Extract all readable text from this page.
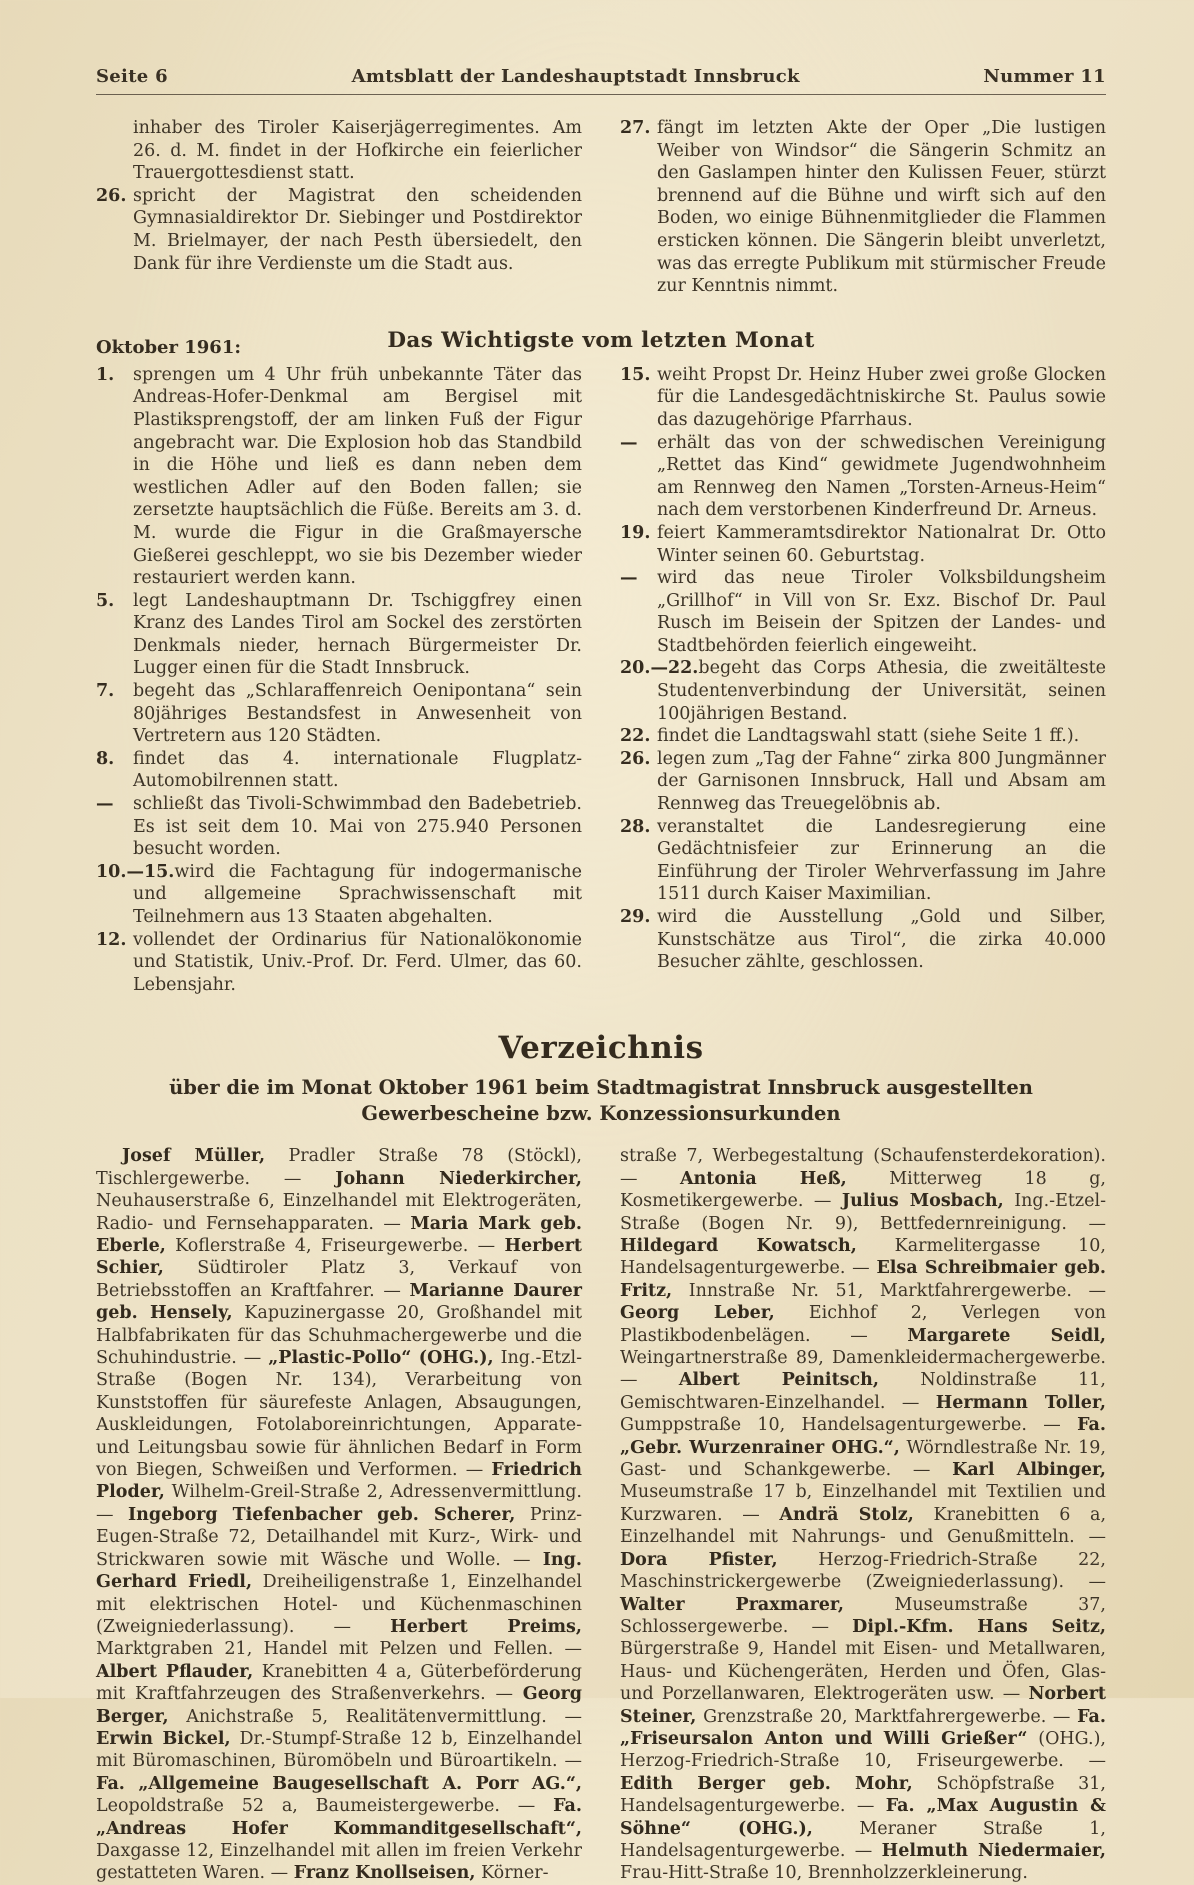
Seite 6	Amtsblatt der Landeshauptstadt Innsbruck	Nummer 11

inhaber des Tiroler Kaiserjägerregimentes. Am 26. d. M. findet in der Hofkirche ein feierlicher Trauergottesdienst statt.

26. spricht der Magistrat den scheidenden Gymnasialdirektor Dr. Siebinger und Postdirektor M. Brielmayer, der nach Pesth übersiedelt, den Dank für ihre Verdienste um die Stadt aus.

27. fängt im letzten Akte der Oper „Die lustigen Weiber von Windsor“ die Sängerin Schmitz an den Gaslampen hinter den Kulissen Feuer, stürzt brennend auf die Bühne und wirft sich auf den Boden, wo einige Bühnenmitglieder die Flammen ersticken können. Die Sängerin bleibt unverletzt, was das erregte Publikum mit stürmischer Freude zur Kenntnis nimmt.

Oktober 1961:	Das Wichtigste vom letzten Monat

1. sprengen um 4 Uhr früh unbekannte Täter das Andreas-Hofer-Denkmal am Bergisel mit Plastiksprengstoff, der am linken Fuß der Figur angebracht war. Die Explosion hob das Standbild in die Höhe und ließ es dann neben dem westlichen Adler auf den Boden fallen; sie zersetzte hauptsächlich die Füße. Bereits am 3. d. M. wurde die Figur in die Graßmayersche Gießerei geschleppt, wo sie bis Dezember wieder restauriert werden kann.

5. legt Landeshauptmann Dr. Tschiggfrey einen Kranz des Landes Tirol am Sockel des zerstörten Denkmals nieder, hernach Bürgermeister Dr. Lugger einen für die Stadt Innsbruck.

7. begeht das „Schlaraffenreich Oenipontana“ sein 80jähriges Bestandsfest in Anwesenheit von Vertretern aus 120 Städten.

8. findet das 4. internationale Flugplatz-Automobilrennen statt.

— schließt das Tivoli-Schwimmbad den Badebetrieb. Es ist seit dem 10. Mai von 275.940 Personen besucht worden.

10.—15.wird die Fachtagung für indogermanische und allgemeine Sprachwissenschaft mit Teilnehmern aus 13 Staaten abgehalten.

12. vollendet der Ordinarius für Nationalökonomie und Statistik, Univ.-Prof. Dr. Ferd. Ulmer, das 60. Lebensjahr.

15. weiht Propst Dr. Heinz Huber zwei große Glocken für die Landesgedächtniskirche St. Paulus sowie das dazugehörige Pfarrhaus.

— erhält das von der schwedischen Vereinigung „Rettet das Kind“ gewidmete Jugendwohnheim am Rennweg den Namen „Torsten-Arneus-Heim“ nach dem verstorbenen Kinderfreund Dr. Arneus.

19. feiert Kammeramtsdirektor Nationalrat Dr. Otto Winter seinen 60. Geburtstag.

— wird das neue Tiroler Volksbildungsheim „Grillhof“ in Vill von Sr. Exz. Bischof Dr. Paul Rusch im Beisein der Spitzen der Landes- und Stadtbehörden feierlich eingeweiht.

20.—22.begeht das Corps Athesia, die zweitälteste Studentenverbindung der Universität, seinen 100jährigen Bestand.

22. findet die Landtagswahl statt (siehe Seite 1 ff.).

26. legen zum „Tag der Fahne“ zirka 800 Jungmänner der Garnisonen Innsbruck, Hall und Absam am Rennweg das Treuegelöbnis ab.

28. veranstaltet die Landesregierung eine Gedächtnisfeier zur Erinnerung an die Einführung der Tiroler Wehrverfassung im Jahre 1511 durch Kaiser Maximilian.

29. wird die Ausstellung „Gold und Silber, Kunstschätze aus Tirol“, die zirka 40.000 Besucher zählte, geschlossen.

Verzeichnis

über die im Monat Oktober 1961 beim Stadtmagistrat Innsbruck ausgestellten

Gewerbescheine bzw. Konzessionsurkunden

Josef Müller, Pradler Straße 78 (Stöckl), Tischlergewerbe. — Johann Niederkircher, Neuhauserstraße 6, Einzelhandel mit Elektrogeräten, Radio- und Fernsehapparaten. — Maria Mark geb. Eberle, Koflerstraße 4, Friseurgewerbe. — Herbert Schier, Südtiroler Platz 3, Verkauf von Betriebsstoffen an Kraftfahrer. — Marianne Daurer geb. Hensely, Kapuzinergasse 20, Großhandel mit Halbfabrikaten für das Schuhmachergewerbe und die Schuhindustrie. — „Plastic-Pollo“ (OHG.), Ing.-Etzl-Straße (Bogen Nr. 134), Verarbeitung von Kunststoffen für säurefeste Anlagen, Absaugungen, Auskleidungen, Fotolaboreinrichtungen, Apparate- und Leitungsbau sowie für ähnlichen Bedarf in Form von Biegen, Schweißen und Verformen. — Friedrich Ploder, Wilhelm-Greil-Straße 2, Adressenvermittlung. — Ingeborg Tiefenbacher geb. Scherer, Prinz-Eugen-Straße 72, Detailhandel mit Kurz-, Wirk- und Strickwaren sowie mit Wäsche und Wolle. — Ing. Gerhard Friedl, Dreiheiligenstraße 1, Einzelhandel mit elektrischen Hotel- und Küchenmaschinen (Zweigniederlassung). — Herbert Preims, Marktgraben 21, Handel mit Pelzen und Fellen. — Albert Pflauder, Kranebitten 4 a, Güterbeförderung mit Kraftfahrzeugen des Straßenverkehrs. — Georg Berger, Anichstraße 5, Realitätenvermittlung. — Erwin Bickel, Dr.-Stumpf-Straße 12 b, Einzelhandel mit Büromaschinen, Büromöbeln und Büroartikeln. — Fa. „Allgemeine Baugesellschaft A. Porr AG.“, Leopoldstraße 52 a, Baumeistergewerbe. — Fa. „Andreas Hofer Kommanditgesellschaft“, Daxgasse 12, Einzelhandel mit allen im freien Verkehr gestatteten Waren. — Franz Knollseisen, Körner-

straße 7, Werbegestaltung (Schaufensterdekoration). — Antonia Heß, Mitterweg 18 g, Kosmetikergewerbe. — Julius Mosbach, Ing.-Etzel-Straße (Bogen Nr. 9), Bettfedernreinigung. — Hildegard Kowatsch, Karmelitergasse 10, Handelsagenturgewerbe. — Elsa Schreibmaier geb. Fritz, Innstraße Nr. 51, Marktfahrergewerbe. — Georg Leber, Eichhof 2, Verlegen von Plastikbodenbelägen. — Margarete Seidl, Weingartnerstraße 89, Damenkleidermachergewerbe. — Albert Peinitsch, Noldinstraße 11, Gemischtwaren-Einzelhandel. — Hermann Toller, Gumppstraße 10, Handelsagenturgewerbe. — Fa. „Gebr. Wurzenrainer OHG.“, Wörndlestraße Nr. 19, Gast- und Schankgewerbe. — Karl Albinger, Museumstraße 17 b, Einzelhandel mit Textilien und Kurzwaren. — Andrä Stolz, Kranebitten 6 a, Einzelhandel mit Nahrungs- und Genußmitteln. — Dora Pfister, Herzog-Friedrich-Straße 22, Maschinstrickergewerbe (Zweigniederlassung). — Walter Praxmarer, Museumstraße 37, Schlossergewerbe. — Dipl.-Kfm. Hans Seitz, Bürgerstraße 9, Handel mit Eisen- und Metallwaren, Haus- und Küchengeräten, Herden und Öfen, Glas- und Porzellanwaren, Elektrogeräten usw. — Norbert Steiner, Grenzstraße 20, Marktfahrergewerbe. — Fa. „Friseursalon Anton und Willi Grießer“ (OHG.), Herzog-Friedrich-Straße 10, Friseurgewerbe. — Edith Berger geb. Mohr, Schöpfstraße 31, Handelsagenturgewerbe. — Fa. „Max Augustin & Söhne“ (OHG.), Meraner Straße 1, Handelsagenturgewerbe. — Helmuth Niedermaier, Frau-Hitt-Straße 10, Brennholzzerkleinerung.
